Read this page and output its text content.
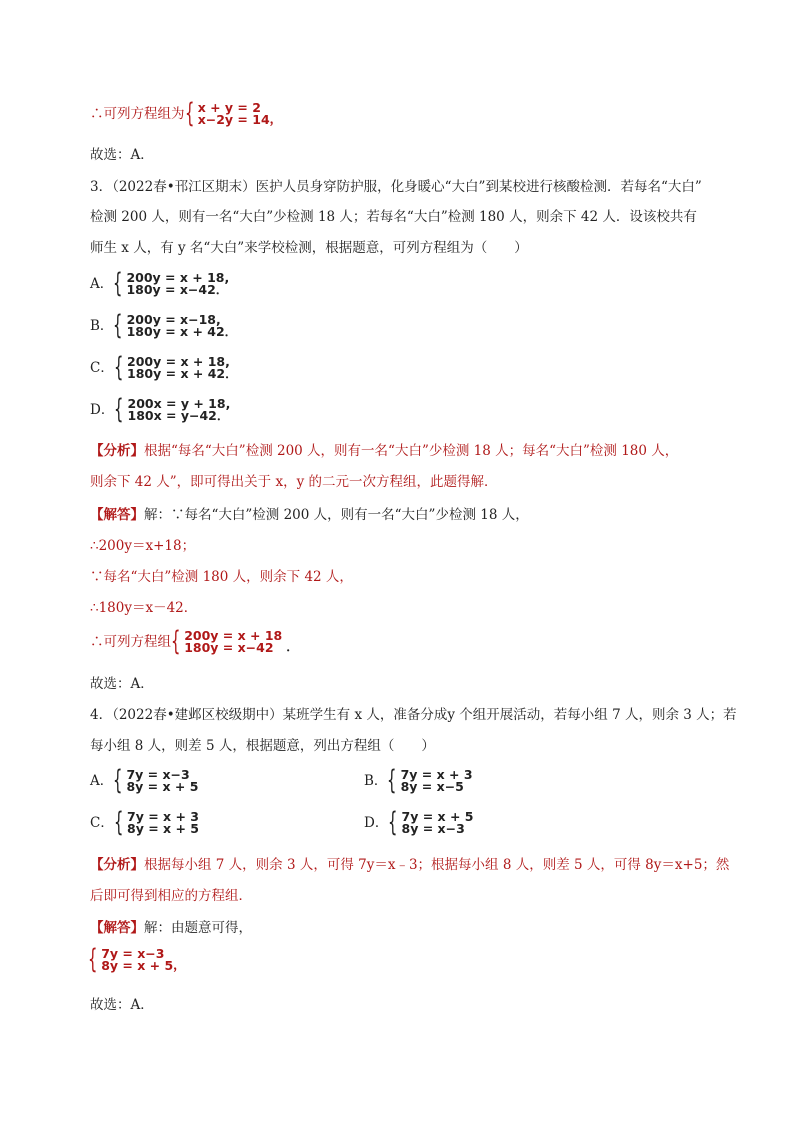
∴可列方程组为 { x + y = 2
x−2y = 14 ，
故选：A．
3．（2022春•邗江区期末）医护人员身穿防护服，化身暖心“大白”到某校进行核酸检测．若每名“大白”
检测 200 人，则有一名“大白”少检测 18 人；若每名“大白”检测 180 人，则余下 42 人．设该校共有
师生 x 人，有 y 名“大白”来学校检测，根据题意，可列方程组为（　　）
A． { 200y = x + 18,
180y = x−42．
B． { 200y = x−18,
180y = x + 42．
C． { 200y = x + 18,
180y = x + 42．
D． { 200x = y + 18,
180x = y−42．
【分析】根据“每名“大白”检测 200 人，则有一名“大白”少检测 18 人；每名“大白”检测 180 人，
则余下 42 人”，即可得出关于 x，y 的二元一次方程组，此题得解．
【解答】解：∵每名“大白”检测 200 人，则有一名“大白”少检测 18 人，
∴200y＝x+18；
∵每名“大白”检测 180 人，则余下 42 人，
∴180y＝x－42．
∴可列方程组 { 200y = x + 18
180y = x−42	．
故选：A．
4．（2022春•建邺区校级期中）某班学生有 x 人，准备分成y 个组开展活动，若每小组 7 人，则余 3 人；若
每小组 8 人，则差 5 人，根据题意，列出方程组（　　）
A． { 7y = x−3
8y = x + 5	B． { 7y = x + 3
8y = x−5
C． { 7y = x + 3
8y = x + 5	D． { 7y = x + 5
8y = x−3
【分析】根据每小组 7 人，则余 3 人，可得 7y＝x﹣3；根据每小组 8 人，则差 5 人，可得 8y＝x+5；然
后即可得到相应的方程组．
【解答】解：由题意可得，
{ 7y = x−3
8y = x + 5 ，
故选：A．
